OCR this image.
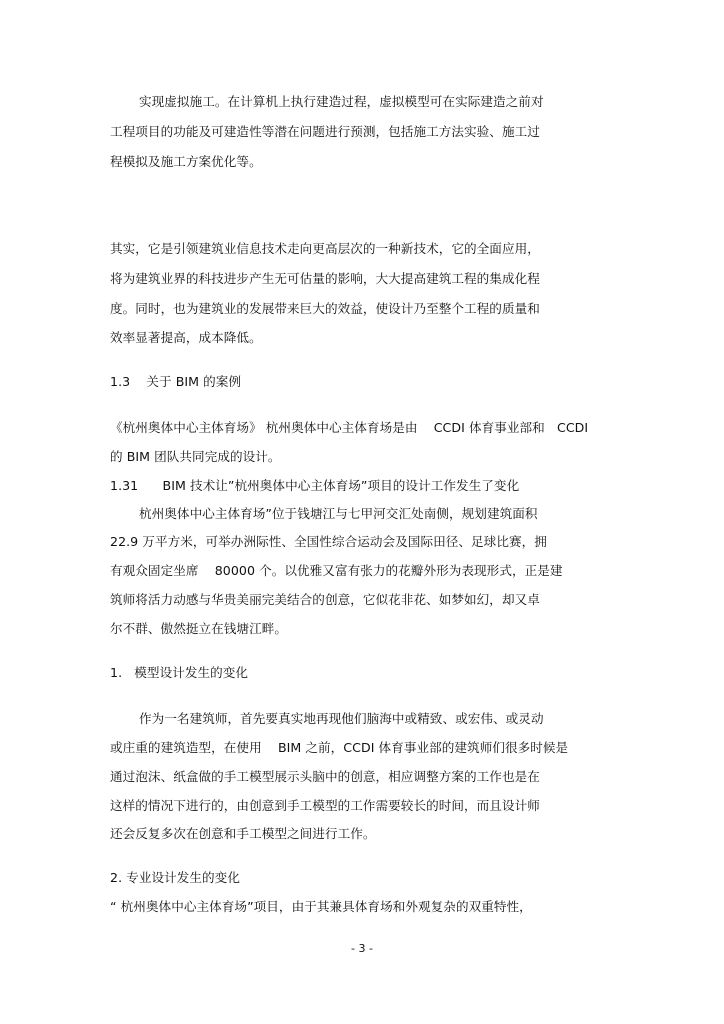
实现虚拟施工。在计算机上执行建造过程，虚拟模型可在实际建造之前对
工程项目的功能及可建造性等潜在问题进行预测，包括施工方法实验、施工过
程模拟及施工方案优化等。
其实，它是引领建筑业信息技术走向更高层次的一种新技术，它的全面应用，
将为建筑业界的科技进步产生无可估量的影响，大大提高建筑工程的集成化程
度。同时，也为建筑业的发展带来巨大的效益，使设计乃至整个工程的质量和
效率显著提高，成本降低。
1.3    关于 BIM 的案例
《杭州奥体中心主体育场》 杭州奥体中心主体育场是由    CCDI 体育事业部和   CCDI
的 BIM 团队共同完成的设计。
1.31      BIM 技术让”杭州奥体中心主体育场”项目的设计工作发生了变化
杭州奥体中心主体育场”位于钱塘江与七甲河交汇处南侧，规划建筑面积
22.9 万平方米，可举办洲际性、全国性综合运动会及国际田径、足球比赛，拥
有观众固定坐席    80000 个。以优雅又富有张力的花瓣外形为表现形式，正是建
筑师将活力动感与华贵美丽完美结合的创意，它似花非花、如梦如幻，却又卓
尔不群、傲然挺立在钱塘江畔。
1.   模型设计发生的变化
作为一名建筑师，首先要真实地再现他们脑海中或精致、或宏伟、或灵动
或庄重的建筑造型，在使用    BIM 之前，CCDI 体育事业部的建筑师们很多时候是
通过泡沫、纸盒做的手工模型展示头脑中的创意，相应调整方案的工作也是在
这样的情况下进行的，由创意到手工模型的工作需要较长的时间，而且设计师
还会反复多次在创意和手工模型之间进行工作。
2. 专业设计发生的变化
“ 杭州奥体中心主体育场”项目，由于其兼具体育场和外观复杂的双重特性，
- 3 -
